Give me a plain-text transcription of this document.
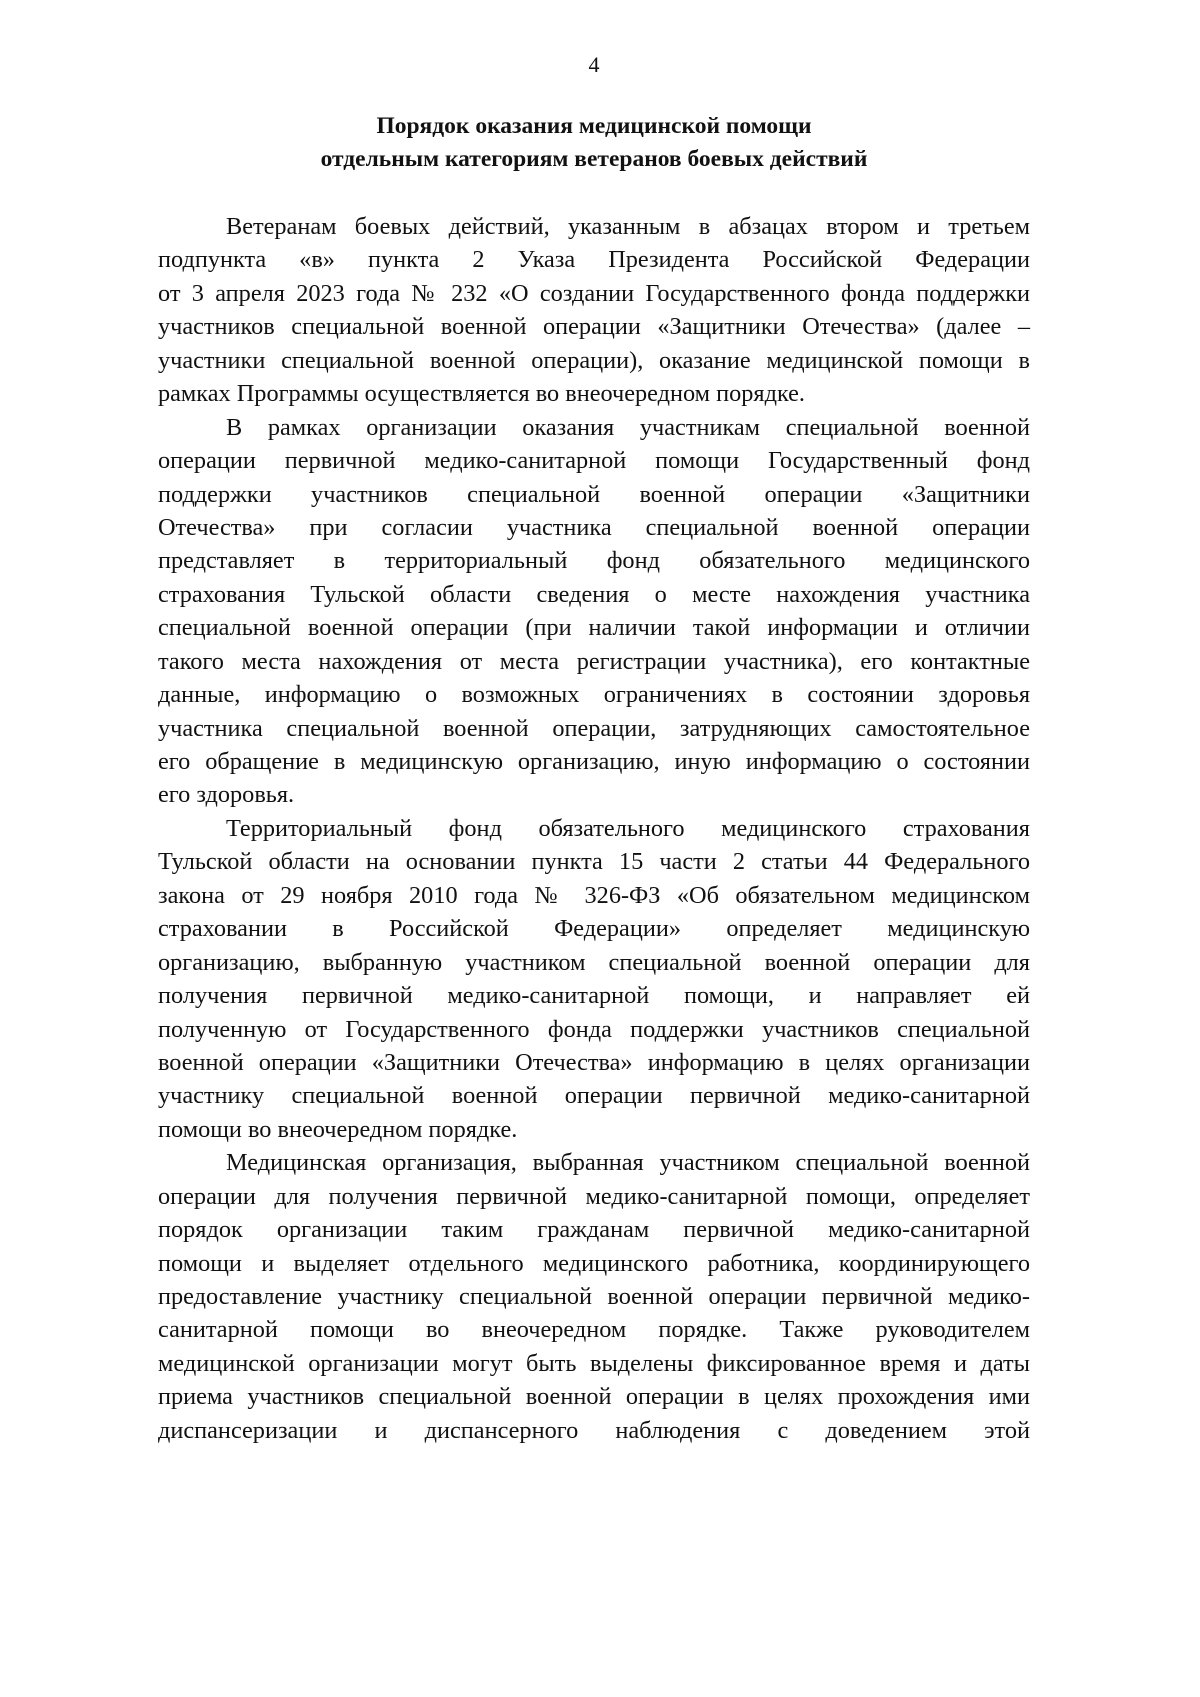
4
Порядок оказания медицинской помощи
отдельным категориям ветеранов боевых действий
Ветеранам боевых действий, указанным в абзацах втором и третьем
подпункта «в» пункта 2 Указа Президента Российской Федерации
от 3 апреля 2023 года № 232 «О создании Государственного фонда поддержки
участников специальной военной операции «Защитники Отечества» (далее –
участники специальной военной операции), оказание медицинской помощи в
рамках Программы осуществляется во внеочередном порядке.
В рамках организации оказания участникам специальной военной
операции первичной медико-санитарной помощи Государственный фонд
поддержки участников специальной военной операции «Защитники
Отечества» при согласии участника специальной военной операции
представляет в территориальный фонд обязательного медицинского
страхования Тульской области сведения о месте нахождения участника
специальной военной операции (при наличии такой информации и отличии
такого места нахождения от места регистрации участника), его контактные
данные, информацию о возможных ограничениях в состоянии здоровья
участника специальной военной операции, затрудняющих самостоятельное
его обращение в медицинскую организацию, иную информацию о состоянии
его здоровья.
Территориальный фонд обязательного медицинского страхования
Тульской области на основании пункта 15 части 2 статьи 44 Федерального
закона от 29 ноября 2010 года № 326-ФЗ «Об обязательном медицинском
страховании в Российской Федерации» определяет медицинскую
организацию, выбранную участником специальной военной операции для
получения первичной медико-санитарной помощи, и направляет ей
полученную от Государственного фонда поддержки участников специальной
военной операции «Защитники Отечества» информацию в целях организации
участнику специальной военной операции первичной медико-санитарной
помощи во внеочередном порядке.
Медицинская организация, выбранная участником специальной военной
операции для получения первичной медико-санитарной помощи, определяет
порядок организации таким гражданам первичной медико-санитарной
помощи и выделяет отдельного медицинского работника, координирующего
предоставление участнику специальной военной операции первичной медико-
санитарной помощи во внеочередном порядке. Также руководителем
медицинской организации могут быть выделены фиксированное время и даты
приема участников специальной военной операции в целях прохождения ими
диспансеризации и диспансерного наблюдения с доведением этой
